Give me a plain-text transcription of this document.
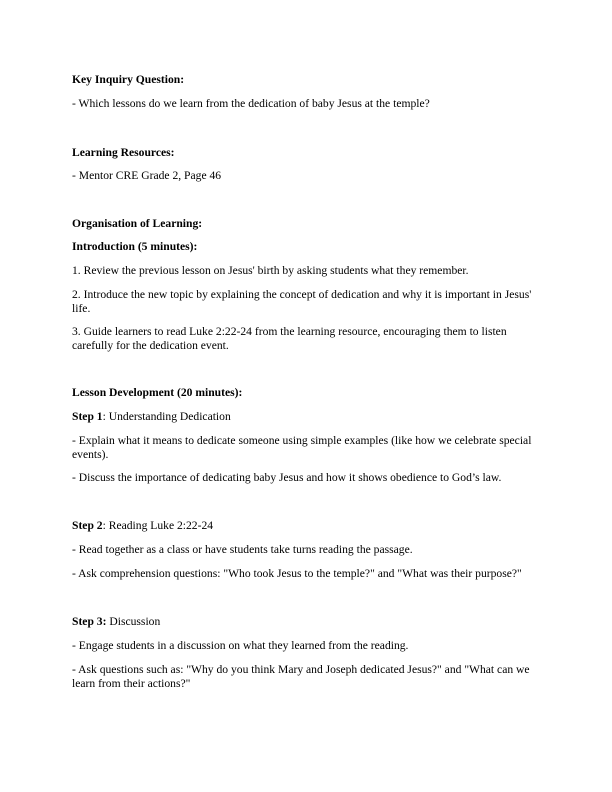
Key Inquiry Question:

- Which lessons do we learn from the dedication of baby Jesus at the temple?

Learning Resources:

- Mentor CRE Grade 2, Page 46

Organisation of Learning:

Introduction (5 minutes):

1. Review the previous lesson on Jesus' birth by asking students what they remember.

2. Introduce the new topic by explaining the concept of dedication and why it is important in Jesus' life.

3. Guide learners to read Luke 2:22-24 from the learning resource, encouraging them to listen carefully for the dedication event.

Lesson Development (20 minutes):

Step 1: Understanding Dedication

- Explain what it means to dedicate someone using simple examples (like how we celebrate special events).

- Discuss the importance of dedicating baby Jesus and how it shows obedience to God’s law.

Step 2: Reading Luke 2:22-24

- Read together as a class or have students take turns reading the passage.

- Ask comprehension questions: "Who took Jesus to the temple?" and "What was their purpose?"

Step 3: Discussion

- Engage students in a discussion on what they learned from the reading.

- Ask questions such as: "Why do you think Mary and Joseph dedicated Jesus?" and "What can we learn from their actions?"
